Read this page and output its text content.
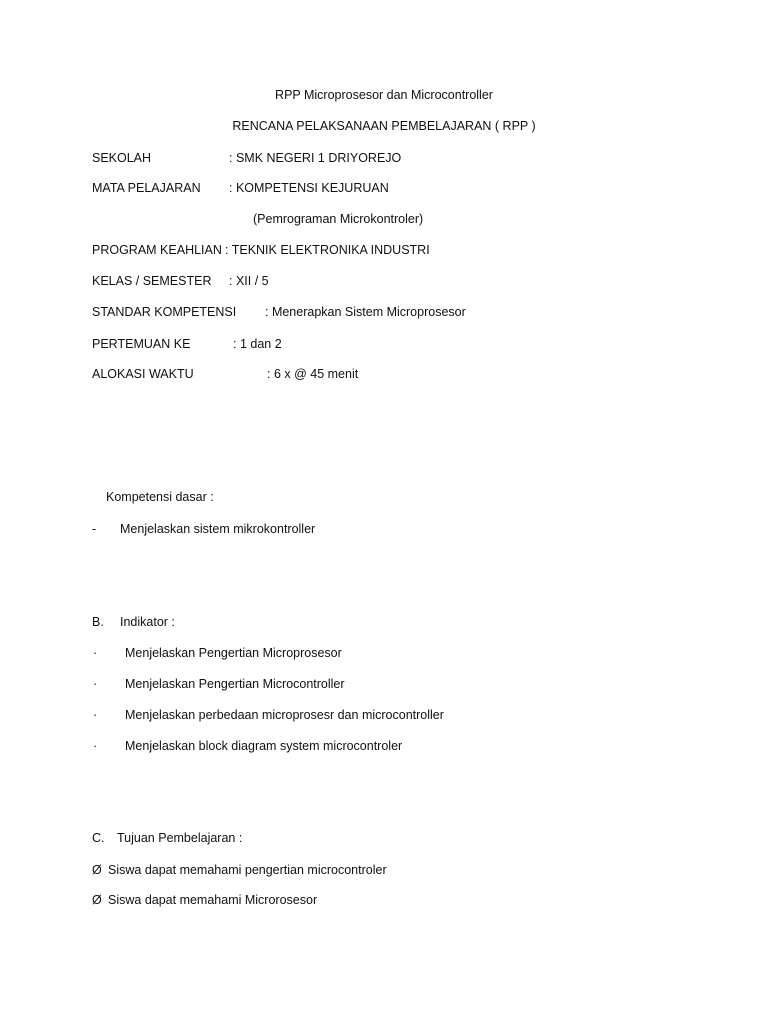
RPP Microprosesor dan Microcontroller
RENCANA PELAKSANAAN PEMBELAJARAN ( RPP )
SEKOLAH	: SMK NEGERI 1 DRIYOREJO
MATA PELAJARAN : KOMPETENSI KEJURUAN
(Pemrograman Microkontroler)
PROGRAM KEAHLIAN : TEKNIK ELEKTRONIKA INDUSTRI
KELAS / SEMESTER : XII / 5
STANDAR KOMPETENSI : Menerapkan Sistem Microprosesor
PERTEMUAN KE	: 1 dan 2
ALOKASI WAKTU	: 6 x @ 45 menit
Kompetensi dasar :
- Menjelaskan sistem mikrokontroller
B. Indikator :
· Menjelaskan Pengertian Microprosesor
· Menjelaskan Pengertian Microcontroller
· Menjelaskan perbedaan microprosesr dan microcontroller
· Menjelaskan block diagram system microcontroler
C. Tujuan Pembelajaran :
Ø Siswa dapat memahami pengertian microcontroler
Ø Siswa dapat memahami Microrosesor
